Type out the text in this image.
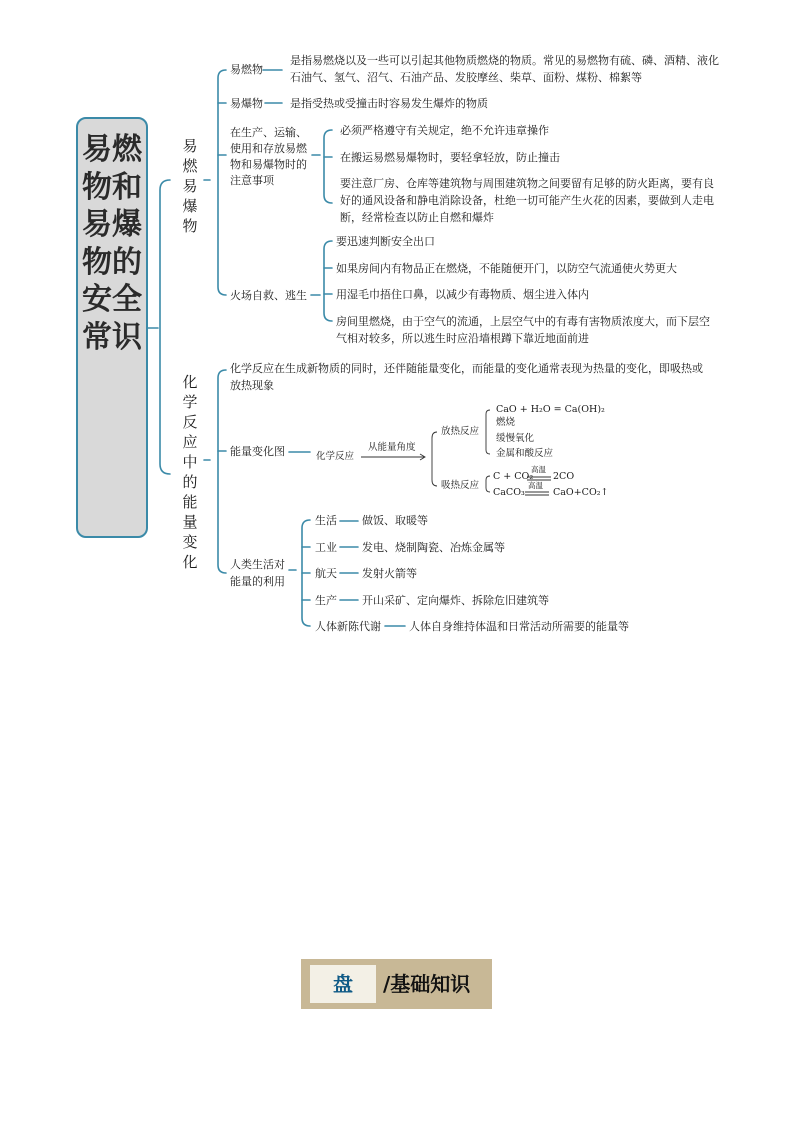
易燃物和易爆物的安全常识
易燃易爆物
化学反应中的能量变化
易燃物
是指易燃烧以及一些可以引起其他物质燃烧的物质。常见的易燃物有硫、磷、酒精、液化石油气、氢气、沼气、石油产品、发胶摩丝、柴草、面粉、煤粉、棉絮等
易爆物 是指受热或受撞击时容易发生爆炸的物质
在生产、运输、使用和存放易燃物和易爆物时的注意事项
必须严格遵守有关规定，绝不允许违章操作
在搬运易燃易爆物时，要轻拿轻放，防止撞击
要注意厂房、仓库等建筑物与周围建筑物之间要留有足够的防火距离，要有良好的通风设备和静电消除设备，杜绝一切可能产生火花的因素，要做到人走电断，经常检查以防止自燃和爆炸
火场自救、逃生
要迅速判断安全出口
如果房间内有物品正在燃烧，不能随便开门，以防空气流通使火势更大
用湿毛巾捂住口鼻，以减少有毒物质、烟尘进入体内
房间里燃烧，由于空气的流通，上层空气中的有毒有害物质浓度大，而下层空气相对较多，所以逃生时应沿墙根蹲下靠近地面前进
化学反应在生成新物质的同时，还伴随能量变化，而能量的变化通常表现为热量的变化，即吸热或放热现象
能量变化图	化学反应
从能量角度
放热反应
CaO + H₂O = Ca(OH)₂
燃烧
缓慢氧化
金属和酸反应
吸热反应
C + CO₂
高温
2CO
CaCO₃
高温
CaO+CO₂↑
人类生活对能量的利用
生活 做饭、取暖等
工业 发电、烧制陶瓷、冶炼金属等
航天 发射火箭等
生产 开山采矿、定向爆炸、拆除危旧建筑等
人体新陈代谢	人体自身维持体温和日常活动所需要的能量等
盘	/基础知识
